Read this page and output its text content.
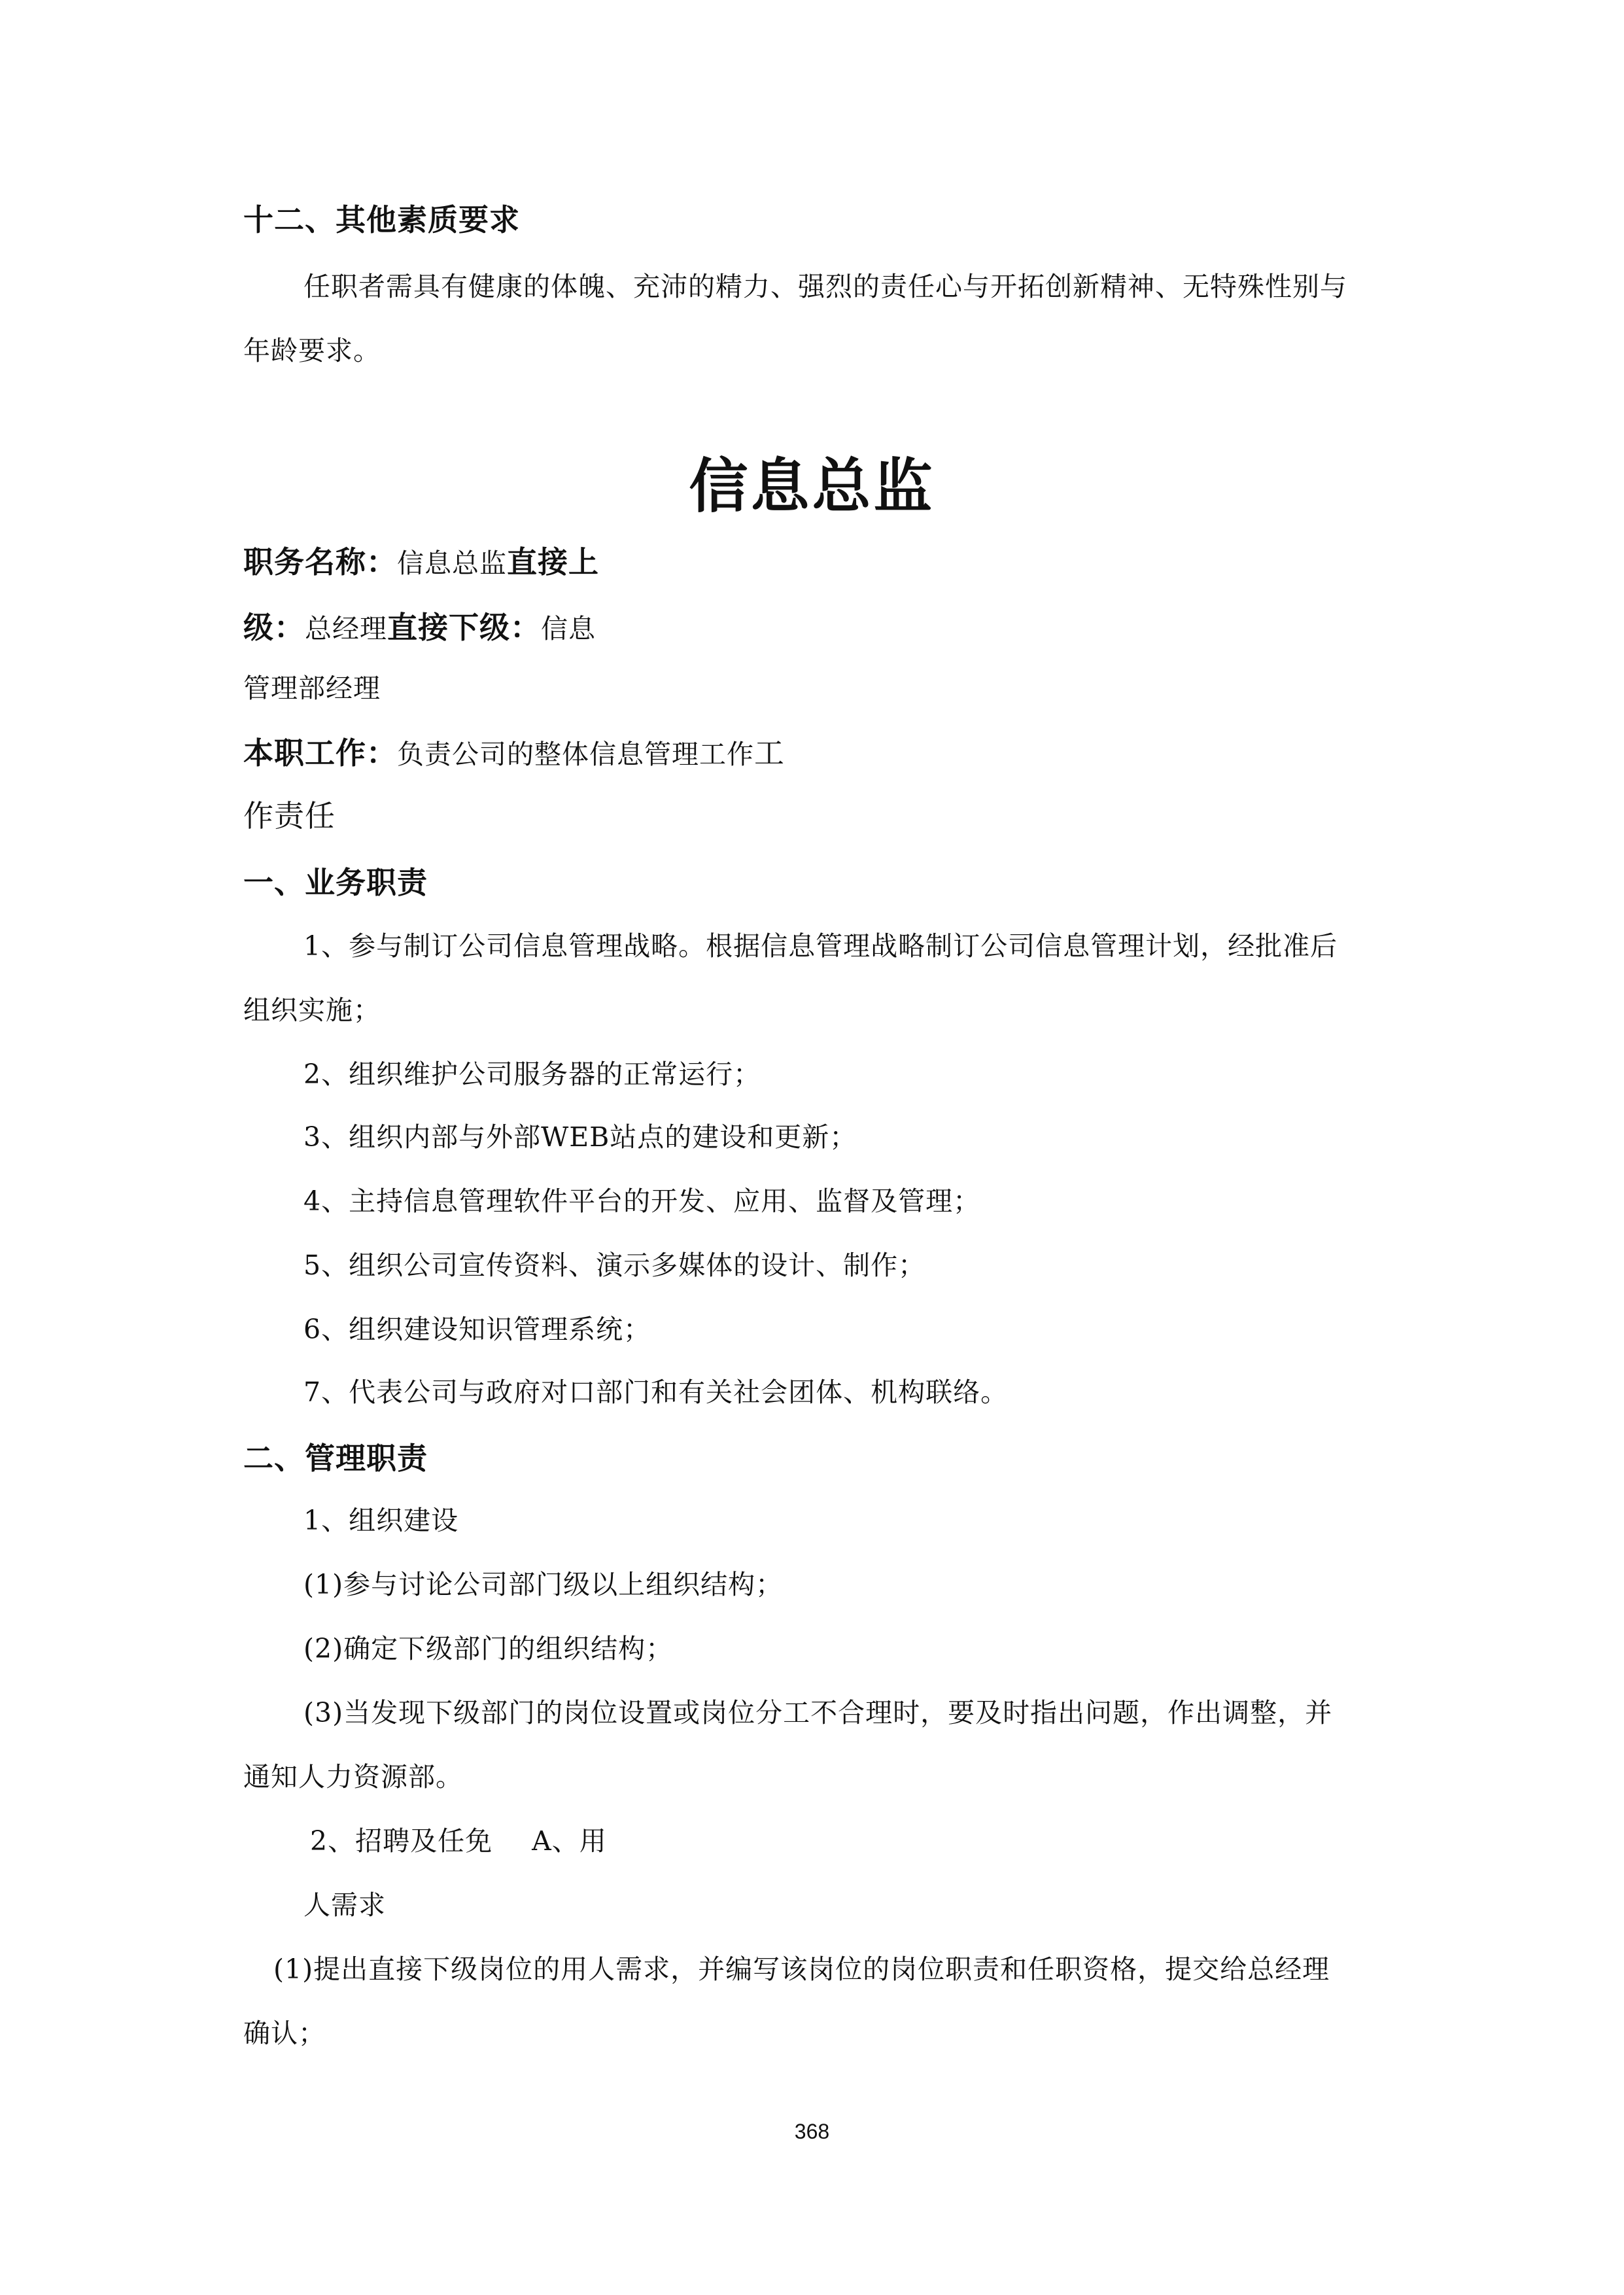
十二、其他素质要求
任职者需具有健康的体魄、充沛的精力、强烈的责任心与开拓创新精神、无特殊性别与
年龄要求。
信息总监
职务名称：信息总监直接上
级：总经理直接下级：信息
管理部经理
本职工作：负责公司的整体信息管理工作工
作责任
一、业务职责
1、参与制订公司信息管理战略。根据信息管理战略制订公司信息管理计划，经批准后
组织实施；
2、组织维护公司服务器的正常运行；
3、组织内部与外部WEB站点的建设和更新；
4、主持信息管理软件平台的开发、应用、监督及管理；
5、组织公司宣传资料、演示多媒体的设计、制作；
6、组织建设知识管理系统；
7、代表公司与政府对口部门和有关社会团体、机构联络。
二、管理职责
1、组织建设
(1)参与讨论公司部门级以上组织结构；
(2)确定下级部门的组织结构；
(3)当发现下级部门的岗位设置或岗位分工不合理时，要及时指出问题，作出调整，并
通知人力资源部。
2、招聘及任免 A、用
人需求
(1)提出直接下级岗位的用人需求，并编写该岗位的岗位职责和任职资格，提交给总经理
确认；
368
